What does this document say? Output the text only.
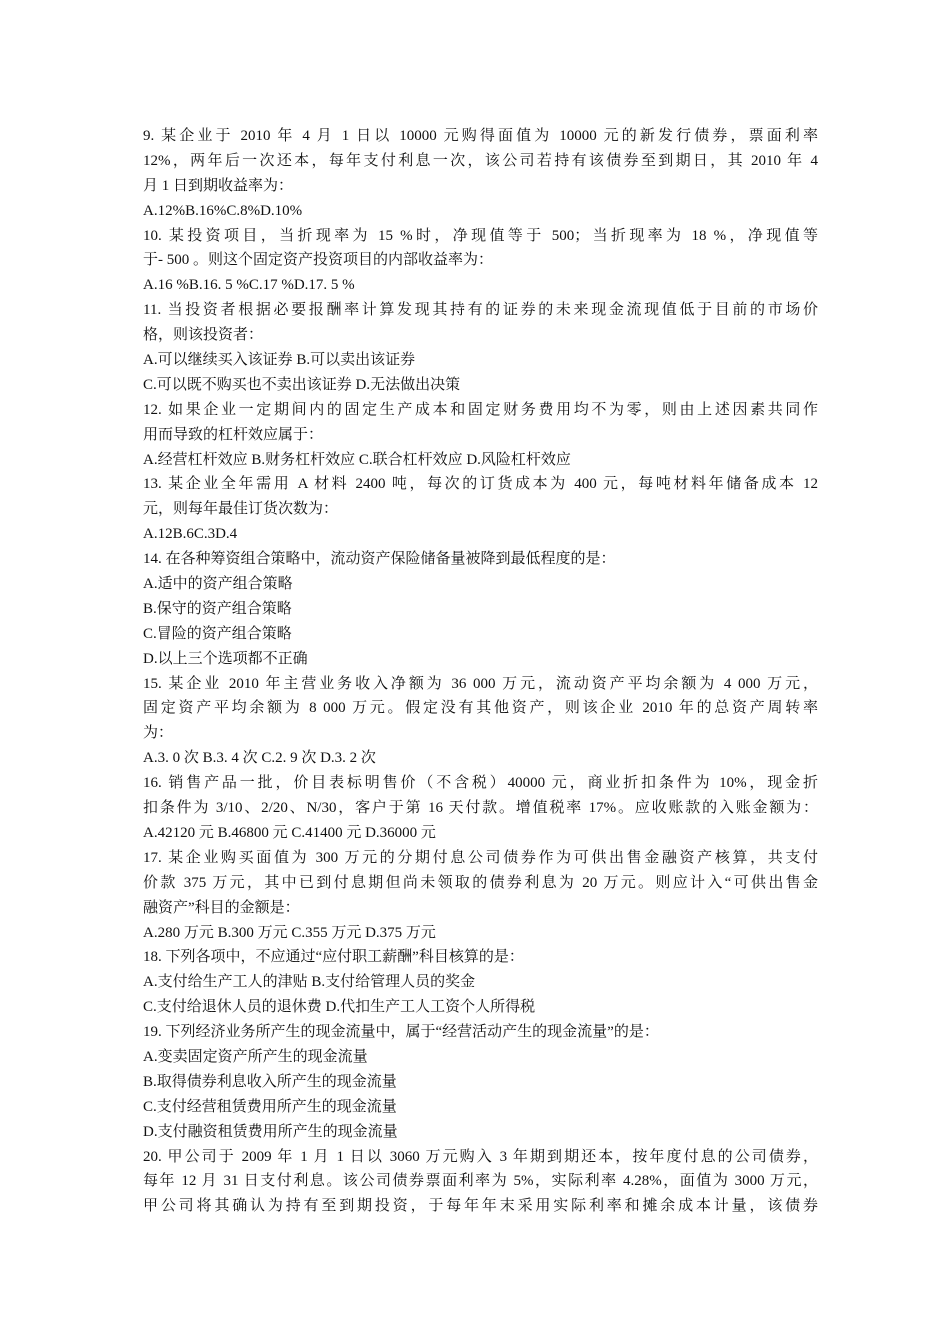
9. 某企业于 2010 年 4 月 1 日以 10000 元购得面值为 10000 元的新发行债券，票面利率
12%，两年后一次还本，每年支付利息一次，该公司若持有该债券至到期日，其 2010 年 4
月 1 日到期收益率为：
A.12%B.16%C.8%D.10%
10. 某投资项目，当折现率为 15 %时，净现值等于 500；当折现率为 18 %，净现值等
于- 500 。则这个固定资产投资项目的内部收益率为：
A.16 %B.16. 5 %C.17 %D.17. 5 %
11. 当投资者根据必要报酬率计算发现其持有的证券的未来现金流现值低于目前的市场价
格，则该投资者：
A.可以继续买入该证券 B.可以卖出该证券
C.可以既不购买也不卖出该证券 D.无法做出决策
12. 如果企业一定期间内的固定生产成本和固定财务费用均不为零，则由上述因素共同作
用而导致的杠杆效应属于：
A.经营杠杆效应 B.财务杠杆效应 C.联合杠杆效应 D.风险杠杆效应
13. 某企业全年需用 A 材料 2400 吨，每次的订货成本为 400 元，每吨材料年储备成本 12
元，则每年最佳订货次数为：
A.12B.6C.3D.4
14. 在各种筹资组合策略中，流动资产保险储备量被降到最低程度的是：
A.适中的资产组合策略
B.保守的资产组合策略
C.冒险的资产组合策略
D.以上三个选项都不正确
15. 某企业 2010 年主营业务收入净额为 36 000 万元，流动资产平均余额为 4 000 万元，
固定资产平均余额为 8 000 万元。假定没有其他资产，则该企业 2010 年的总资产周转率
为：
A.3. 0 次 B.3. 4 次 C.2. 9 次 D.3. 2 次
16. 销售产品一批，价目表标明售价（不含税）40000 元，商业折扣条件为 10%，现金折
扣条件为 3/10、2/20、N/30，客户于第 16 天付款。增值税率 17%。应收账款的入账金额为：
A.42120 元 B.46800 元 C.41400 元 D.36000 元
17. 某企业购买面值为 300 万元的分期付息公司债券作为可供出售金融资产核算，共支付
价款 375 万元，其中已到付息期但尚未领取的债券利息为 20 万元。则应计入“可供出售金
融资产”科目的金额是：
A.280 万元 B.300 万元 C.355 万元 D.375 万元
18. 下列各项中，不应通过“应付职工薪酬”科目核算的是：
A.支付给生产工人的津贴 B.支付给管理人员的奖金
C.支付给退休人员的退休费 D.代扣生产工人工资个人所得税
19. 下列经济业务所产生的现金流量中，属于“经营活动产生的现金流量”的是：
A.变卖固定资产所产生的现金流量
B.取得债券利息收入所产生的现金流量
C.支付经营租赁费用所产生的现金流量
D.支付融资租赁费用所产生的现金流量
20. 甲公司于 2009 年 1 月 1 日以 3060 万元购入 3 年期到期还本，按年度付息的公司债券，
每年 12 月 31 日支付利息。该公司债券票面利率为 5%，实际利率 4.28%，面值为 3000 万元，
甲公司将其确认为持有至到期投资，于每年年末采用实际利率和摊余成本计量，该债券
